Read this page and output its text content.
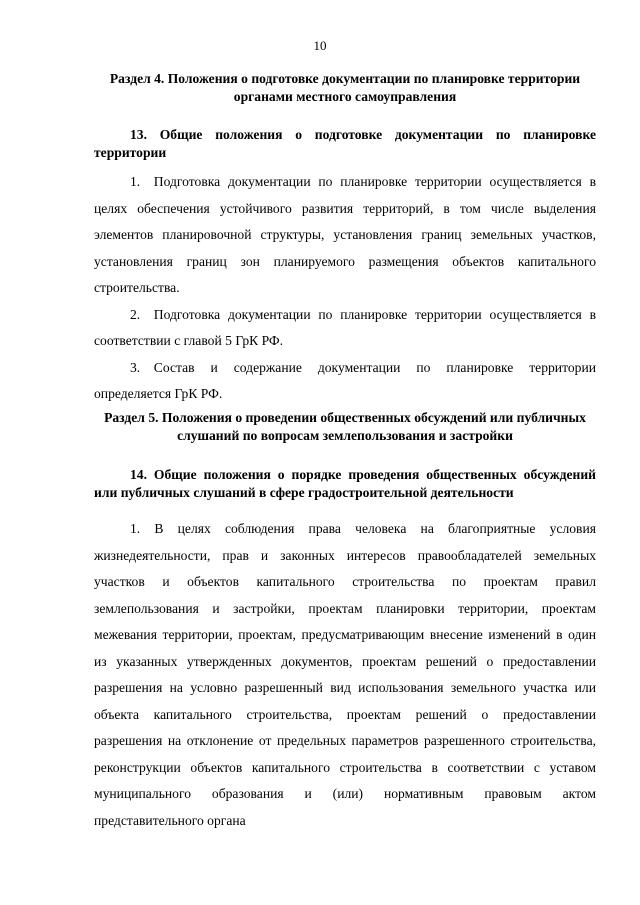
10
Раздел 4. Положения о подготовке документации по планировке территории органами местного самоуправления
13. Общие положения о подготовке документации по планировке территории
1. Подготовка документации по планировке территории осуществляется в целях обеспечения устойчивого развития территорий, в том числе выделения элементов планировочной структуры, установления границ земельных участков, установления границ зон планируемого размещения объектов капитального строительства.
2. Подготовка документации по планировке территории осуществляется в соответствии с главой 5 ГрК РФ.
3. Состав и содержание документации по планировке территории определяется ГрК РФ.
Раздел 5. Положения о проведении общественных обсуждений или публичных слушаний по вопросам землепользования и застройки
14. Общие положения о порядке проведения общественных обсуждений или публичных слушаний в сфере градостроительной деятельности
1. В целях соблюдения права человека на благоприятные условия жизнедеятельности, прав и законных интересов правообладателей земельных участков и объектов капитального строительства по проектам правил землепользования и застройки, проектам планировки территории, проектам межевания территории, проектам, предусматривающим внесение изменений в один из указанных утвержденных документов, проектам решений о предоставлении разрешения на условно разрешенный вид использования земельного участка или объекта капитального строительства, проектам решений о предоставлении разрешения на отклонение от предельных параметров разрешенного строительства, реконструкции объектов капитального строительства в соответствии с уставом муниципального образования и (или) нормативным правовым актом представительного органа
